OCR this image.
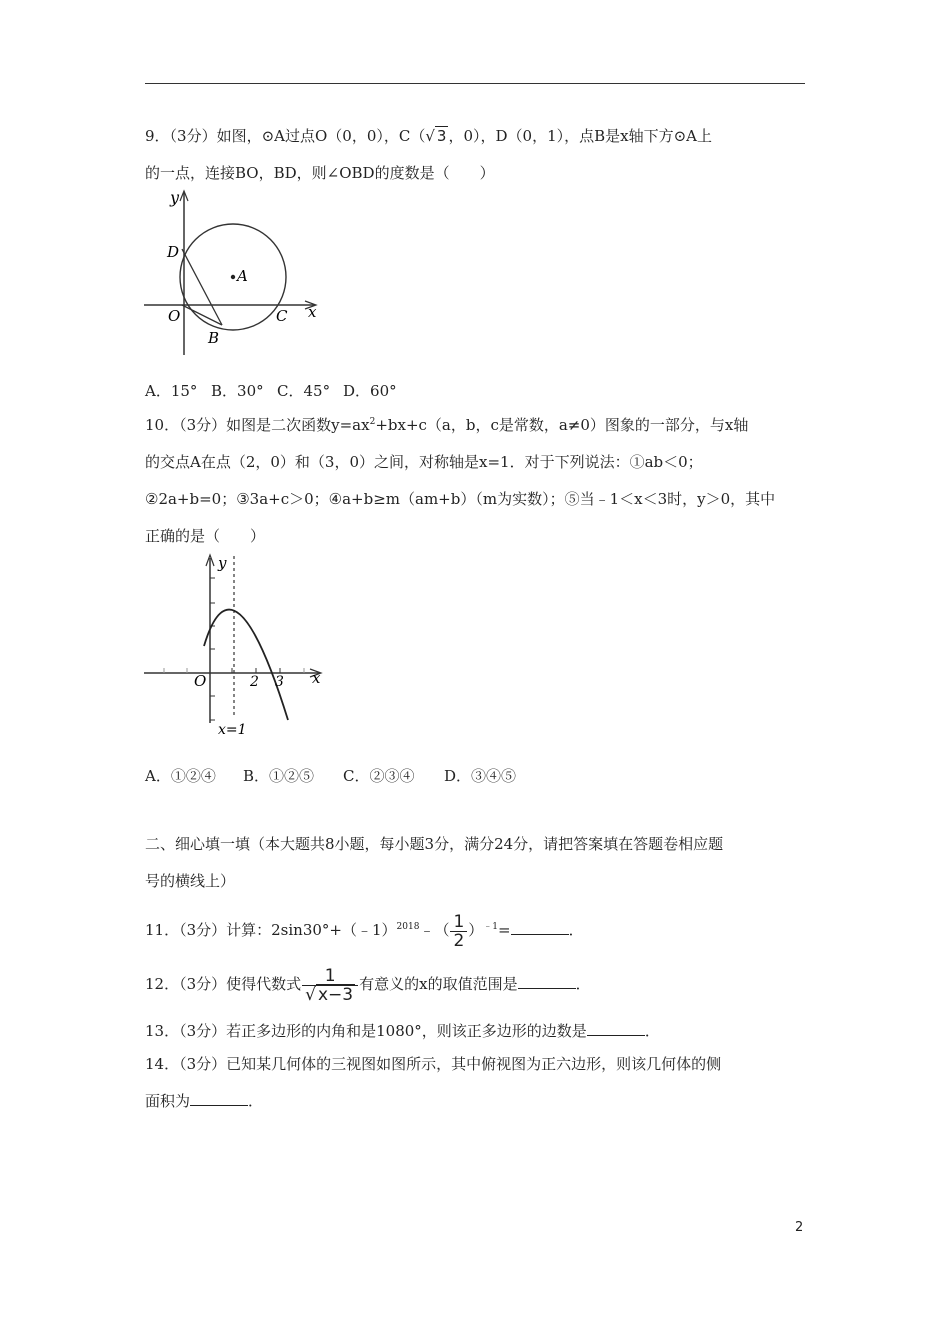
9．（3分）如图，⊙A过点O（0，0），C（√ 3 ，0），D（0，1），点B是x轴下方⊙A上
的一点，连接BO，BD，则∠OBD的度数是（　　）
y
D
A
O	C x
B
A．15° B．30° C．45° D．60°
10．（3分）如图是二次函数$y=ax^2+bx+c(a$，b，c是常数，a≠0）图象的一部分，与x轴
的交点A在点（2，0）和（3，0）之间，对称轴是x=1．对于下列说法：①ab＜0；
②2a+b=0；③3a+c＞0；④a+b≥m（am+b）（m为实数）；⑤当﹣1＜x＜3时，y＞0，其中
正确的是（　　）
y
O	2 3 x
x=1
A．①②④ B．①②⑤ C．②③④ D．③④⑤
二、细心填一填（本大题共8小题，每小题3分，满分24分，请把答案填在答题卷相应题
号的横线上）
11．（3分）计算：2sin30°+（﹣1）$^{2018}$﹣（ $\frac{1}{2} )^{﹣1}=$	．
12．（3分）使得代数式 $\frac{1}{√ x-3}$ 有意义的x的取值范围是	．
13．（3分）若正多边形的内角和是1080°，则该正多边形的边数是	．
14．（3分）已知某几何体的三视图如图所示，其中俯视图为正六边形，则该几何体的侧
面积为	．
2
